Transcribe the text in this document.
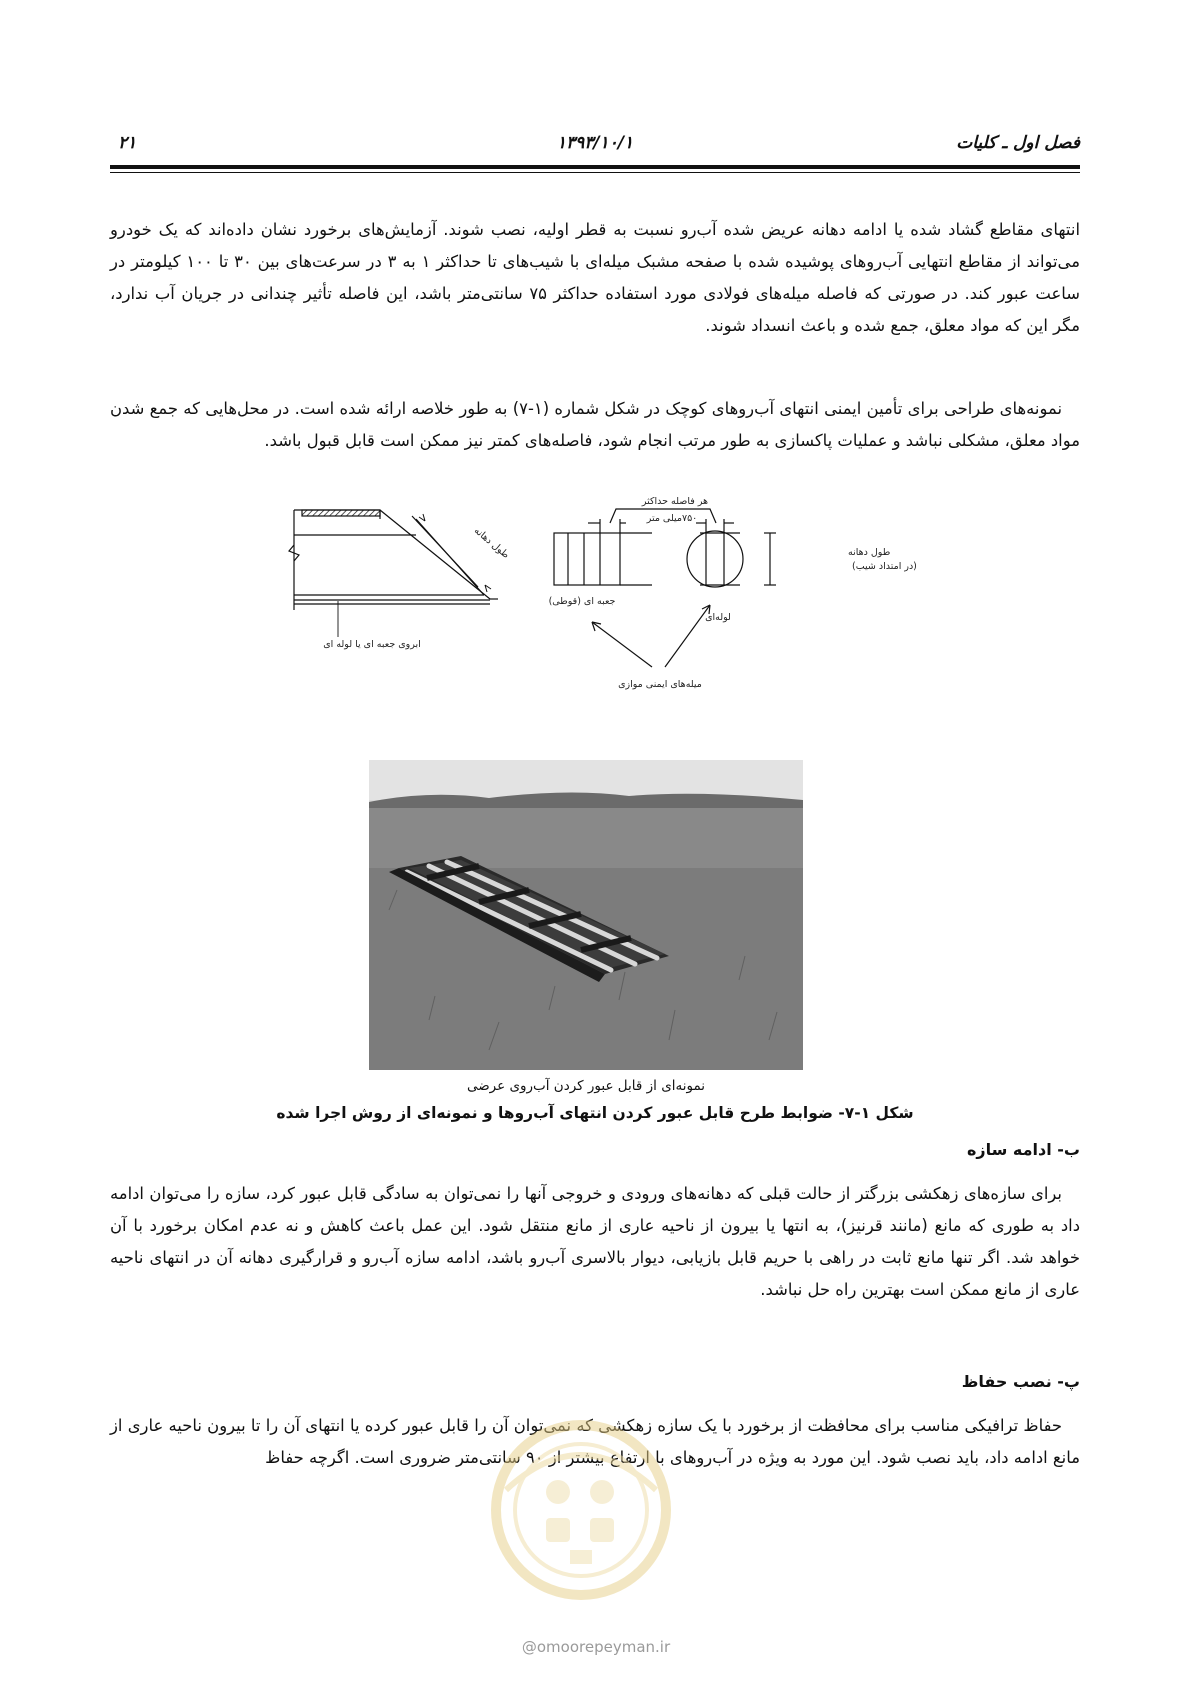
۲۱	۱۳۹۳/۱۰/۱	فصل اول ـ کلیات

انتهای مقاطع گشاد شده یا ادامه دهانه عریض شده آب‌رو نسبت به قطر اولیه، نصب شوند. آزمایش‌های برخورد نشان داده‌اند که یک خودرو می‌تواند از مقاطع انتهایی آب‌روهای پوشیده شده با صفحه مشبک میله‌ای با شیب‌های تا حداکثر ۱ به ۳ در سرعت‌های بین ۳۰ تا ۱۰۰ کیلومتر در ساعت عبور کند. در صورتی که فاصله میله‌های فولادی مورد استفاده حداکثر ۷۵ سانتی‌متر باشد، این فاصله تأثیر چندانی در جریان آب ندارد، مگر این که مواد معلق، جمع شده و باعث انسداد شوند.

نمونه‌های طراحی برای تأمین ایمنی انتهای آب‌روهای کوچک در شکل شماره (۱-۷) به طور خلاصه ارائه شده است. در محل‌هایی که جمع شدن مواد معلق، مشکلی نباشد و عملیات پاکسازی به طور مرتب انجام شود، فاصله‌های کمتر نیز ممکن است قابل قبول باشد.

طول دهانه
ابروی جعبه ای یا لوله ای
هر فاصله حداکثر
۷۵۰میلی متر
طول دهانه
(در امتداد شیب)
جعبه ای (قوطی)
لوله‌ای
میله‌های ایمنی موازی
نمونه‌ای از قابل عبور کردن آب‌روی عرضی
شکل ۱-۷- ضوابط طرح قابل عبور کردن انتهای آب‌روها و نمونه‌ای از روش اجرا شده
ب- ادامه سازه

برای سازه‌های زهکشی بزرگتر از حالت قبلی که دهانه‌های ورودی و خروجی آنها را نمی‌توان به سادگی قابل عبور کرد، سازه را می‌توان ادامه داد به طوری که مانع (مانند قرنیز)، به انتها یا بیرون از ناحیه عاری از مانع منتقل شود. این عمل باعث کاهش و نه عدم امکان برخورد با آن خواهد شد. اگر تنها مانع ثابت در راهی با حریم قابل بازیابی، دیوار بالاسری آب‌رو باشد، ادامه سازه آب‌رو و قرارگیری دهانه آن در انتهای ناحیه عاری از مانع ممکن است بهترین راه حل نباشد.

پ- نصب حفاظ

حفاظ ترافیکی مناسب برای محافظت از برخورد با یک سازه زهکشی که نمی‌توان آن را قابل عبور کرده یا انتهای آن را تا بیرون ناحیه عاری از مانع ادامه داد، باید نصب شود. این مورد به ویژه در آب‌روهای با ارتفاع بیشتر از ۹۰ سانتی‌متر ضروری است. اگرچه حفاظ

@omoorepeyman.ir
